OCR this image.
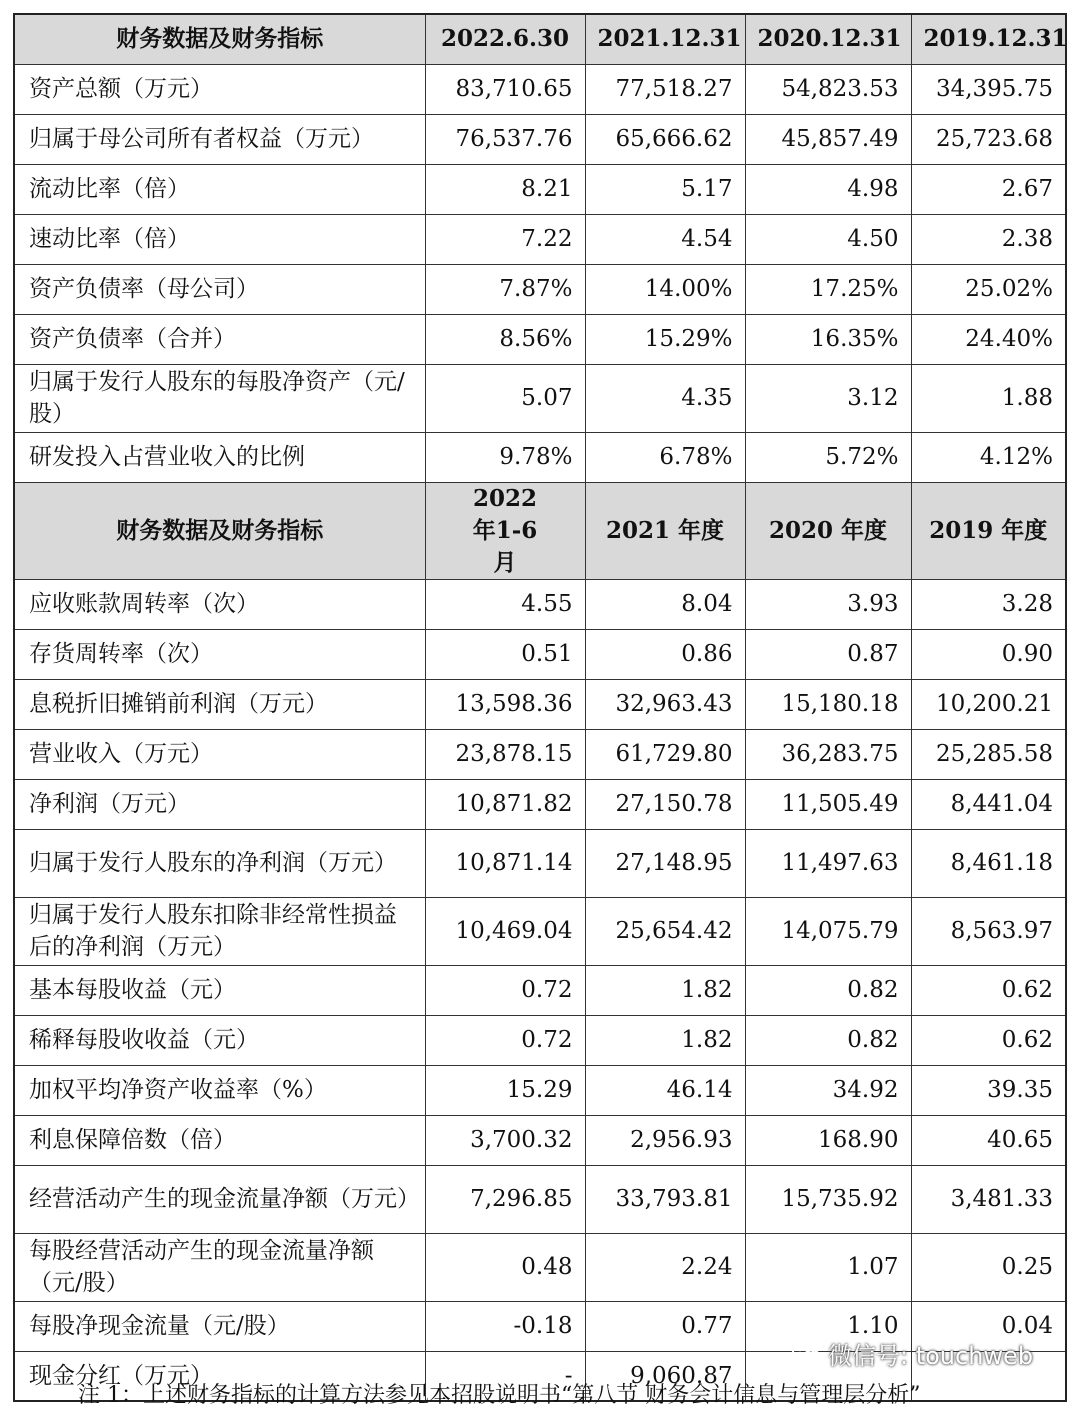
财务数据及财务指标	2022.6.30	2021.12.31	2020.12.31	2019.12.31
资产总额（万元）	83,710.65	77,518.27	54,823.53	34,395.75
归属于母公司所有者权益（万元）	76,537.76	65,666.62	45,857.49	25,723.68
流动比率（倍）	8.21	5.17	4.98	2.67
速动比率（倍）	7.22	4.54	4.50	2.38
资产负债率（母公司）	7.87%	14.00%	17.25%	25.02%
资产负债率（合并）	8.56%	15.29%	16.35%	24.40%
归属于发行人股东的每股净资产（元/股）	5.07	4.35	3.12	1.88
研发投入占营业收入的比例	9.78%	6.78%	5.72%	4.12%
财务数据及财务指标	2022年1-6月	2021 年度	2020 年度	2019 年度
应收账款周转率（次）	4.55	8.04	3.93	3.28
存货周转率（次）	0.51	0.86	0.87	0.90
息税折旧摊销前利润（万元）	13,598.36	32,963.43	15,180.18	10,200.21
营业收入（万元）	23,878.15	61,729.80	36,283.75	25,285.58
净利润（万元）	10,871.82	27,150.78	11,505.49	8,441.04
归属于发行人股东的净利润（万元）	10,871.14	27,148.95	11,497.63	8,461.18
归属于发行人股东扣除非经常性损益后的净利润（万元）	10,469.04	25,654.42	14,075.79	8,563.97
基本每股收益（元）	0.72	1.82	0.82	0.62
稀释每股收收益（元）	0.72	1.82	0.82	0.62
加权平均净资产收益率（%）	15.29	46.14	34.92	39.35
利息保障倍数（倍）	3,700.32	2,956.93	168.90	40.65
经营活动产生的现金流量净额（万元）	7,296.85	33,793.81	15,735.92	3,481.33
每股经营活动产生的现金流量净额（元/股）	0.48	2.24	1.07	0.25
每股净现金流量（元/股）	-0.18	0.77	1.10	0.04
现金分红（万元）	-	9,060.87		
微信号: touchweb
注 1：上述财务指标的计算方法参见本招股说明书“第八节 财务会计信息与管理层分析”
